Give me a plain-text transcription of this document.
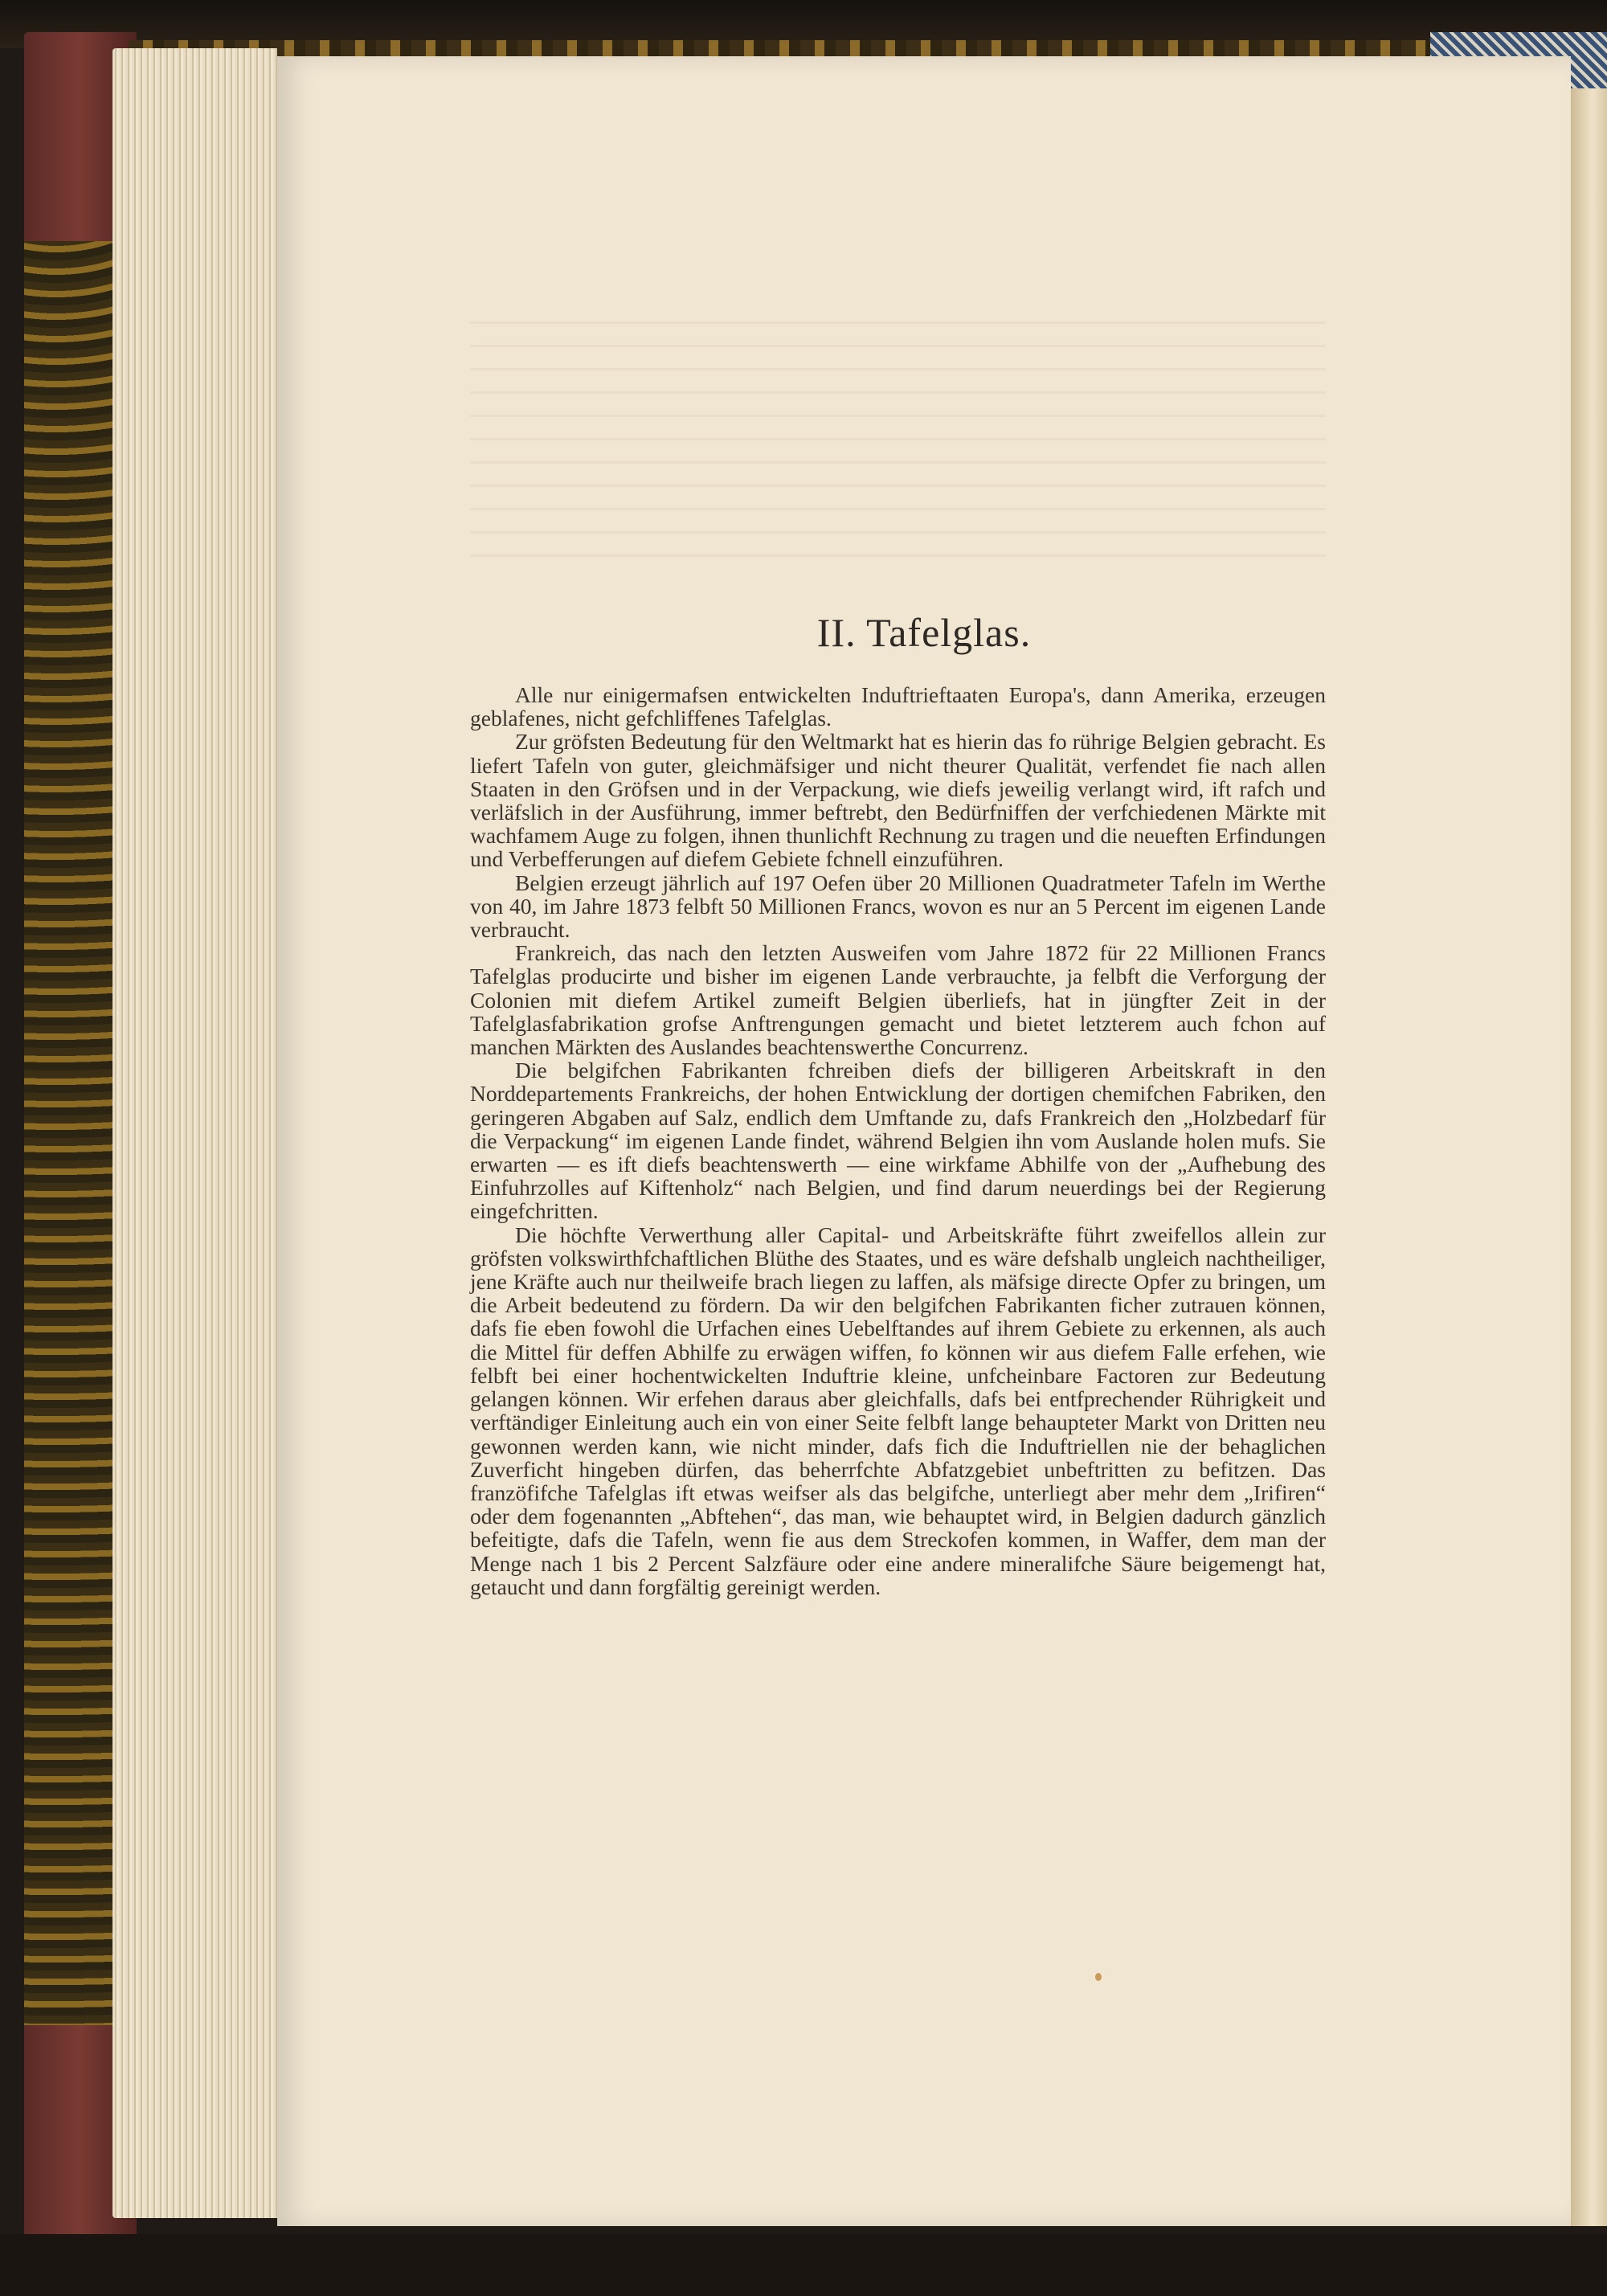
II. Tafelglas.

Alle nur einigermafsen entwickelten Induftrieftaaten Europa's, dann Amerika, erzeugen geblafenes, nicht gefchliffenes Tafelglas.

Zur gröfsten Bedeutung für den Weltmarkt hat es hierin das fo rührige Belgien gebracht. Es liefert Tafeln von guter, gleichmäfsiger und nicht theurer Qualität, verfendet fie nach allen Staaten in den Gröfsen und in der Verpackung, wie diefs jeweilig verlangt wird, ift rafch und verläfslich in der Ausführung, immer beftrebt, den Bedürfniffen der verfchiedenen Märkte mit wachfamem Auge zu folgen, ihnen thunlichft Rechnung zu tragen und die neueften Erfindungen und Verbefferungen auf diefem Gebiete fchnell einzuführen.

Belgien erzeugt jährlich auf 197 Oefen über 20 Millionen Quadratmeter Tafeln im Werthe von 40, im Jahre 1873 felbft 50 Millionen Francs, wovon es nur an 5 Percent im eigenen Lande verbraucht.

Frankreich, das nach den letzten Ausweifen vom Jahre 1872 für 22 Millionen Francs Tafelglas producirte und bisher im eigenen Lande verbrauchte, ja felbft die Verforgung der Colonien mit diefem Artikel zumeift Belgien überliefs, hat in jüngfter Zeit in der Tafelglasfabrikation grofse Anftrengungen gemacht und bietet letzterem auch fchon auf manchen Märkten des Auslandes beachtenswerthe Concurrenz.

Die belgifchen Fabrikanten fchreiben diefs der billigeren Arbeitskraft in den Norddepartements Frankreichs, der hohen Entwicklung der dortigen chemifchen Fabriken, den geringeren Abgaben auf Salz, endlich dem Umftande zu, dafs Frankreich den „Holzbedarf für die Verpackung“ im eigenen Lande findet, während Belgien ihn vom Auslande holen mufs. Sie erwarten — es ift diefs beachtenswerth — eine wirkfame Abhilfe von der „Aufhebung des Einfuhrzolles auf Kiftenholz“ nach Belgien, und find darum neuerdings bei der Regierung eingefchritten.

Die höchfte Verwerthung aller Capital- und Arbeitskräfte führt zweifellos allein zur gröfsten volkswirthfchaftlichen Blüthe des Staates, und es wäre defshalb ungleich nachtheiliger, jene Kräfte auch nur theilweife brach liegen zu laffen, als mäfsige directe Opfer zu bringen, um die Arbeit bedeutend zu fördern. Da wir den belgifchen Fabrikanten ficher zutrauen können, dafs fie eben fowohl die Urfachen eines Uebelftandes auf ihrem Gebiete zu erkennen, als auch die Mittel für deffen Abhilfe zu erwägen wiffen, fo können wir aus diefem Falle erfehen, wie felbft bei einer hochentwickelten Induftrie kleine, unfcheinbare Factoren zur Bedeutung gelangen können. Wir erfehen daraus aber gleichfalls, dafs bei entfprechender Rührigkeit und verftändiger Einleitung auch ein von einer Seite felbft lange behaupteter Markt von Dritten neu gewonnen werden kann, wie nicht minder, dafs fich die Induftriellen nie der behaglichen Zuverficht hingeben dürfen, das beherrfchte Abfatzgebiet unbeftritten zu befitzen. Das franzöfifche Tafelglas ift etwas weifser als das belgifche, unterliegt aber mehr dem „Irifiren“ oder dem fogenannten „Abftehen“, das man, wie behauptet wird, in Belgien dadurch gänzlich befeitigte, dafs die Tafeln, wenn fie aus dem Streckofen kommen, in Waffer, dem man der Menge nach 1 bis 2 Percent Salzfäure oder eine andere mineralifche Säure beigemengt hat, getaucht und dann forgfältig gereinigt werden.
